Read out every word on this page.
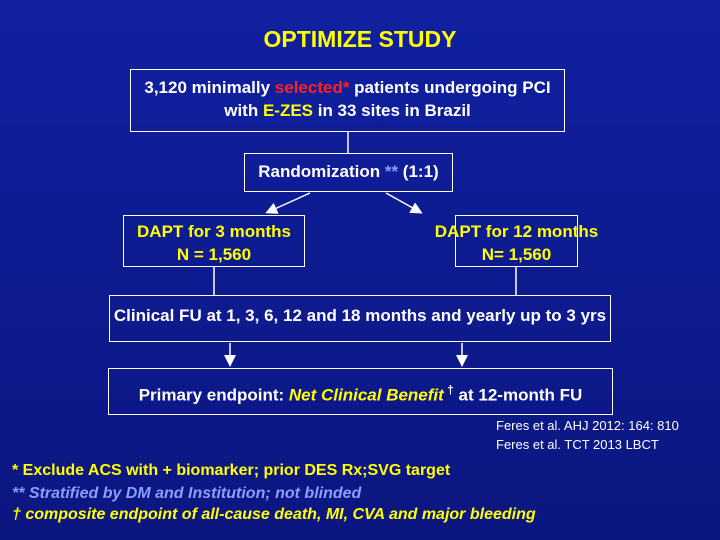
OPTIMIZE STUDY
3,120 minimally selected* patients undergoing PCI
with E-ZES in 33 sites in Brazil
Randomization ** (1:1)
DAPT for 3 months
N = 1,560
DAPT for 12 months
N= 1,560
Clinical FU at 1, 3, 6, 12 and 18 months and yearly up to 3 yrs
Primary endpoint: Net Clinical Benefit † at 12-month FU
Feres et al. AHJ 2012: 164: 810
Feres et al. TCT 2013 LBCT
* Exclude ACS with + biomarker; prior DES Rx;SVG target
** Stratified by DM and Institution; not blinded
† composite endpoint of all-cause death, MI, CVA and major bleeding
